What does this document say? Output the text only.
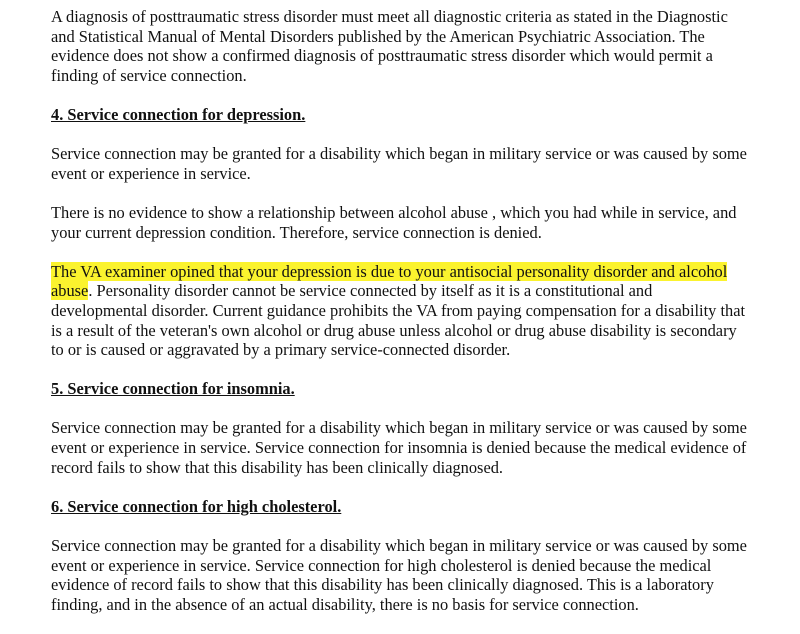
A diagnosis of posttraumatic stress disorder must meet all diagnostic criteria as stated in the Diagnostic and Statistical Manual of Mental Disorders published by the American Psychiatric Association. The evidence does not show a confirmed diagnosis of posttraumatic stress disorder which would permit a finding of service connection.

4. Service connection for depression.

Service connection may be granted for a disability which began in military service or was caused by some event or experience in service.

There is no evidence to show a relationship between alcohol abuse , which you had while in service, and your current depression condition. Therefore, service connection is denied.

The VA examiner opined that your depression is due to your antisocial personality disorder and alcohol abuse. Personality disorder cannot be service connected by itself as it is a constitutional and developmental disorder. Current guidance prohibits the VA from paying compensation for a disability that is a result of the veteran's own alcohol or drug abuse unless alcohol or drug abuse disability is secondary to or is caused or aggravated by a primary service-connected disorder.

5. Service connection for insomnia.

Service connection may be granted for a disability which began in military service or was caused by some event or experience in service. Service connection for insomnia is denied because the medical evidence of record fails to show that this disability has been clinically diagnosed.

6. Service connection for high cholesterol.

Service connection may be granted for a disability which began in military service or was caused by some event or experience in service. Service connection for high cholesterol is denied because the medical evidence of record fails to show that this disability has been clinically diagnosed. This is a laboratory finding, and in the absence of an actual disability, there is no basis for service connection.
